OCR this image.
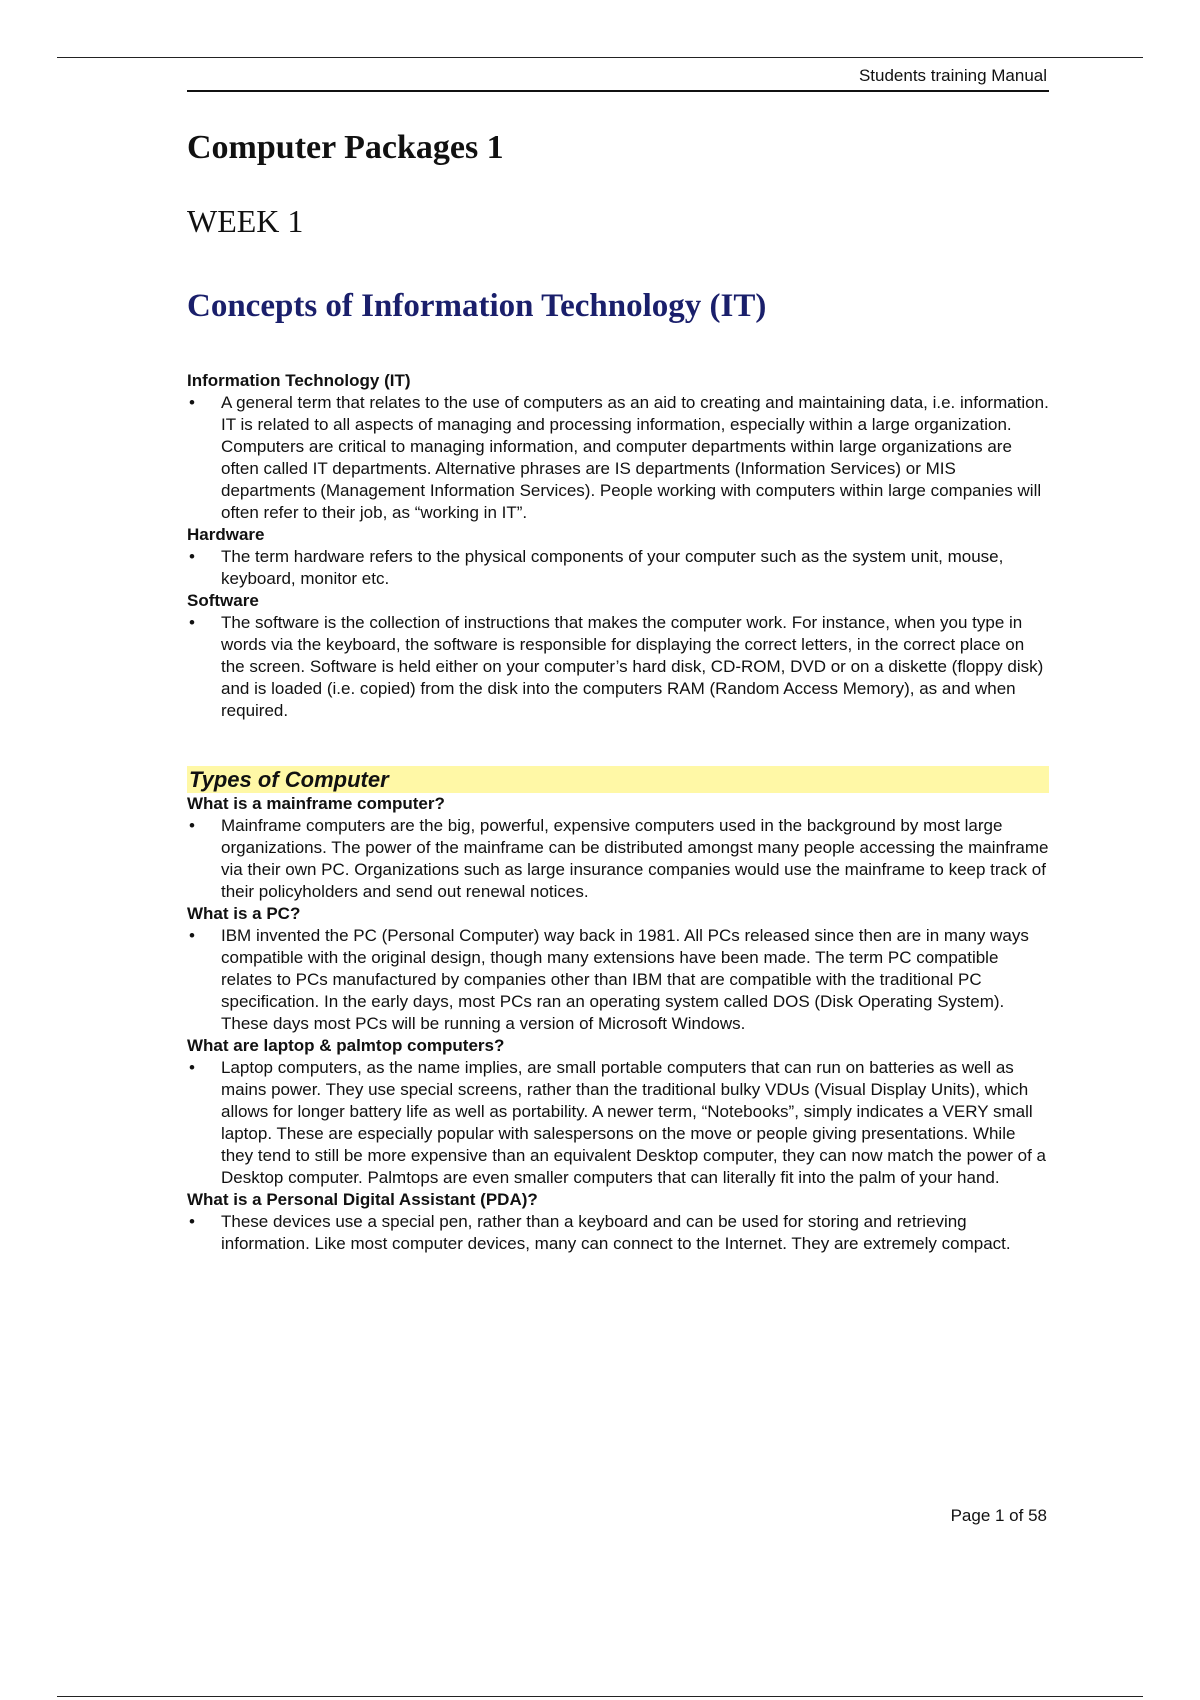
Students training Manual
Computer Packages 1
WEEK 1
Concepts of Information Technology (IT)
Information Technology (IT)
• A general term that relates to the use of computers as an aid to creating and maintaining data, i.e. information. IT is related to all aspects of managing and processing information, especially within a large organization. Computers are critical to managing information, and computer departments within large organizations are often called IT departments. Alternative phrases are IS departments (Information Services) or MIS departments (Management Information Services). People working with computers within large companies will often refer to their job, as “working in IT”.
Hardware
• The term hardware refers to the physical components of your computer such as the system unit, mouse, keyboard, monitor etc.
Software
• The software is the collection of instructions that makes the computer work. For instance, when you type in words via the keyboard, the software is responsible for displaying the correct letters, in the correct place on the screen. Software is held either on your computer’s hard disk, CD-ROM, DVD or on a diskette (floppy disk) and is loaded (i.e. copied) from the disk into the computers RAM (Random Access Memory), as and when required.
Types of Computer
What is a mainframe computer?
• Mainframe computers are the big, powerful, expensive computers used in the background by most large organizations. The power of the mainframe can be distributed amongst many people accessing the mainframe via their own PC. Organizations such as large insurance companies would use the mainframe to keep track of their policyholders and send out renewal notices.
What is a PC?
• IBM invented the PC (Personal Computer) way back in 1981. All PCs released since then are in many ways compatible with the original design, though many extensions have been made. The term PC compatible relates to PCs manufactured by companies other than IBM that are compatible with the traditional PC specification. In the early days, most PCs ran an operating system called DOS (Disk Operating System). These days most PCs will be running a version of Microsoft Windows.
What are laptop & palmtop computers?
• Laptop computers, as the name implies, are small portable computers that can run on batteries as well as mains power. They use special screens, rather than the traditional bulky VDUs (Visual Display Units), which allows for longer battery life as well as portability. A newer term, “Notebooks”, simply indicates a VERY small laptop. These are especially popular with salespersons on the move or people giving presentations. While they tend to still be more expensive than an equivalent Desktop computer, they can now match the power of a Desktop computer. Palmtops are even smaller computers that can literally fit into the palm of your hand.
What is a Personal Digital Assistant (PDA)?
• These devices use a special pen, rather than a keyboard and can be used for storing and retrieving information. Like most computer devices, many can connect to the Internet. They are extremely compact.
Page 1 of 58
